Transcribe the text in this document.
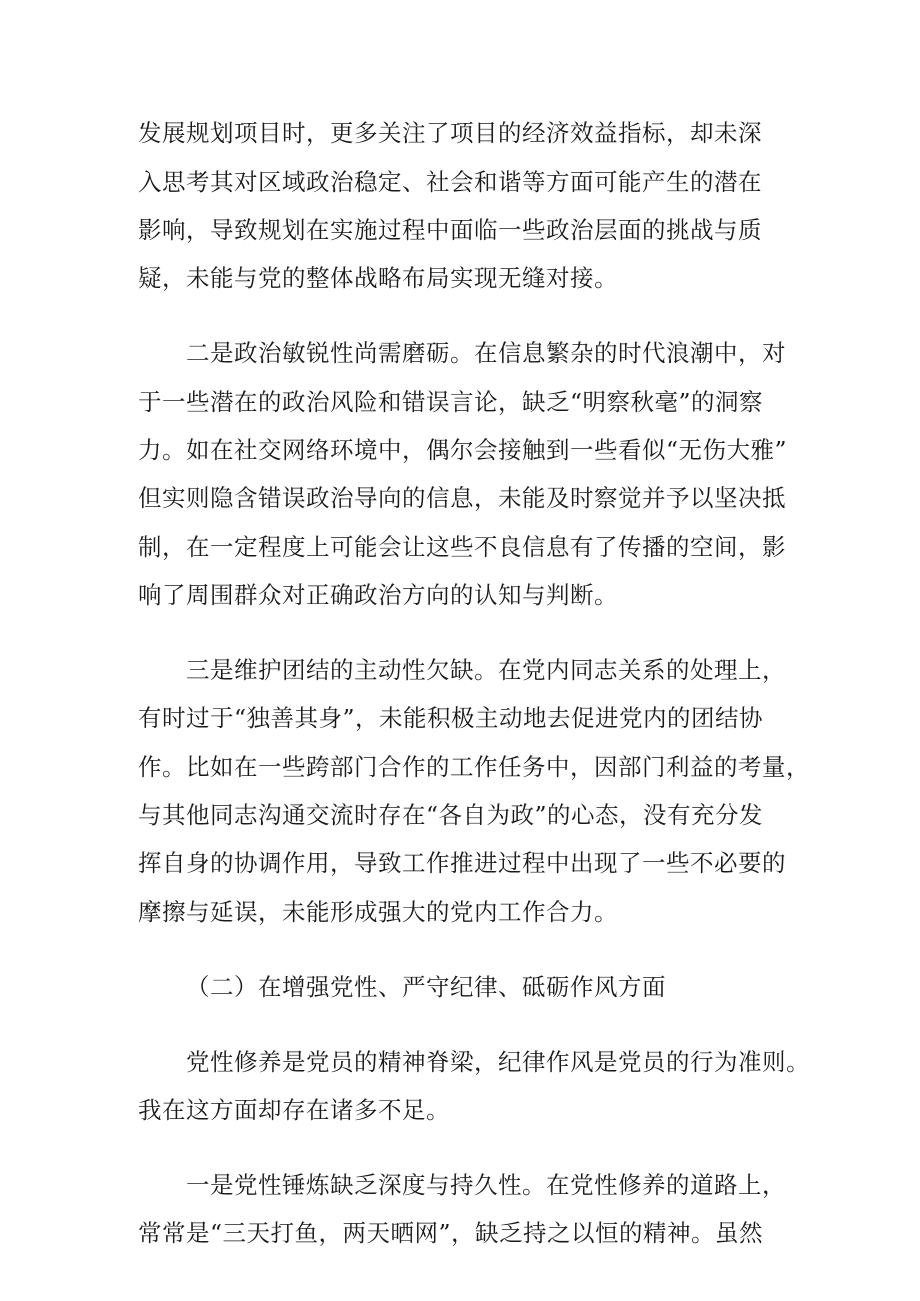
发展规划项目时，更多关注了项目的经济效益指标，却未深
入思考其对区域政治稳定、社会和谐等方面可能产生的潜在
影响，导致规划在实施过程中面临一些政治层面的挑战与质
疑，未能与党的整体战略布局实现无缝对接。
二是政治敏锐性尚需磨砺。在信息繁杂的时代浪潮中，对
于一些潜在的政治风险和错误言论，缺乏“明察秋毫”的洞察
力。如在社交网络环境中，偶尔会接触到一些看似“无伤大雅”
但实则隐含错误政治导向的信息，未能及时察觉并予以坚决抵
制，在一定程度上可能会让这些不良信息有了传播的空间，影
响了周围群众对正确政治方向的认知与判断。
三是维护团结的主动性欠缺。在党内同志关系的处理上，
有时过于“独善其身”，未能积极主动地去促进党内的团结协
作。比如在一些跨部门合作的工作任务中，因部门利益的考量，
与其他同志沟通交流时存在“各自为政”的心态，没有充分发
挥自身的协调作用，导致工作推进过程中出现了一些不必要的
摩擦与延误，未能形成强大的党内工作合力。
（二）在增强党性、严守纪律、砥砺作风方面
党性修养是党员的精神脊梁，纪律作风是党员的行为准则。
我在这方面却存在诸多不足。
一是党性锤炼缺乏深度与持久性。在党性修养的道路上，
常常是“三天打鱼，两天晒网”，缺乏持之以恒的精神。虽然
